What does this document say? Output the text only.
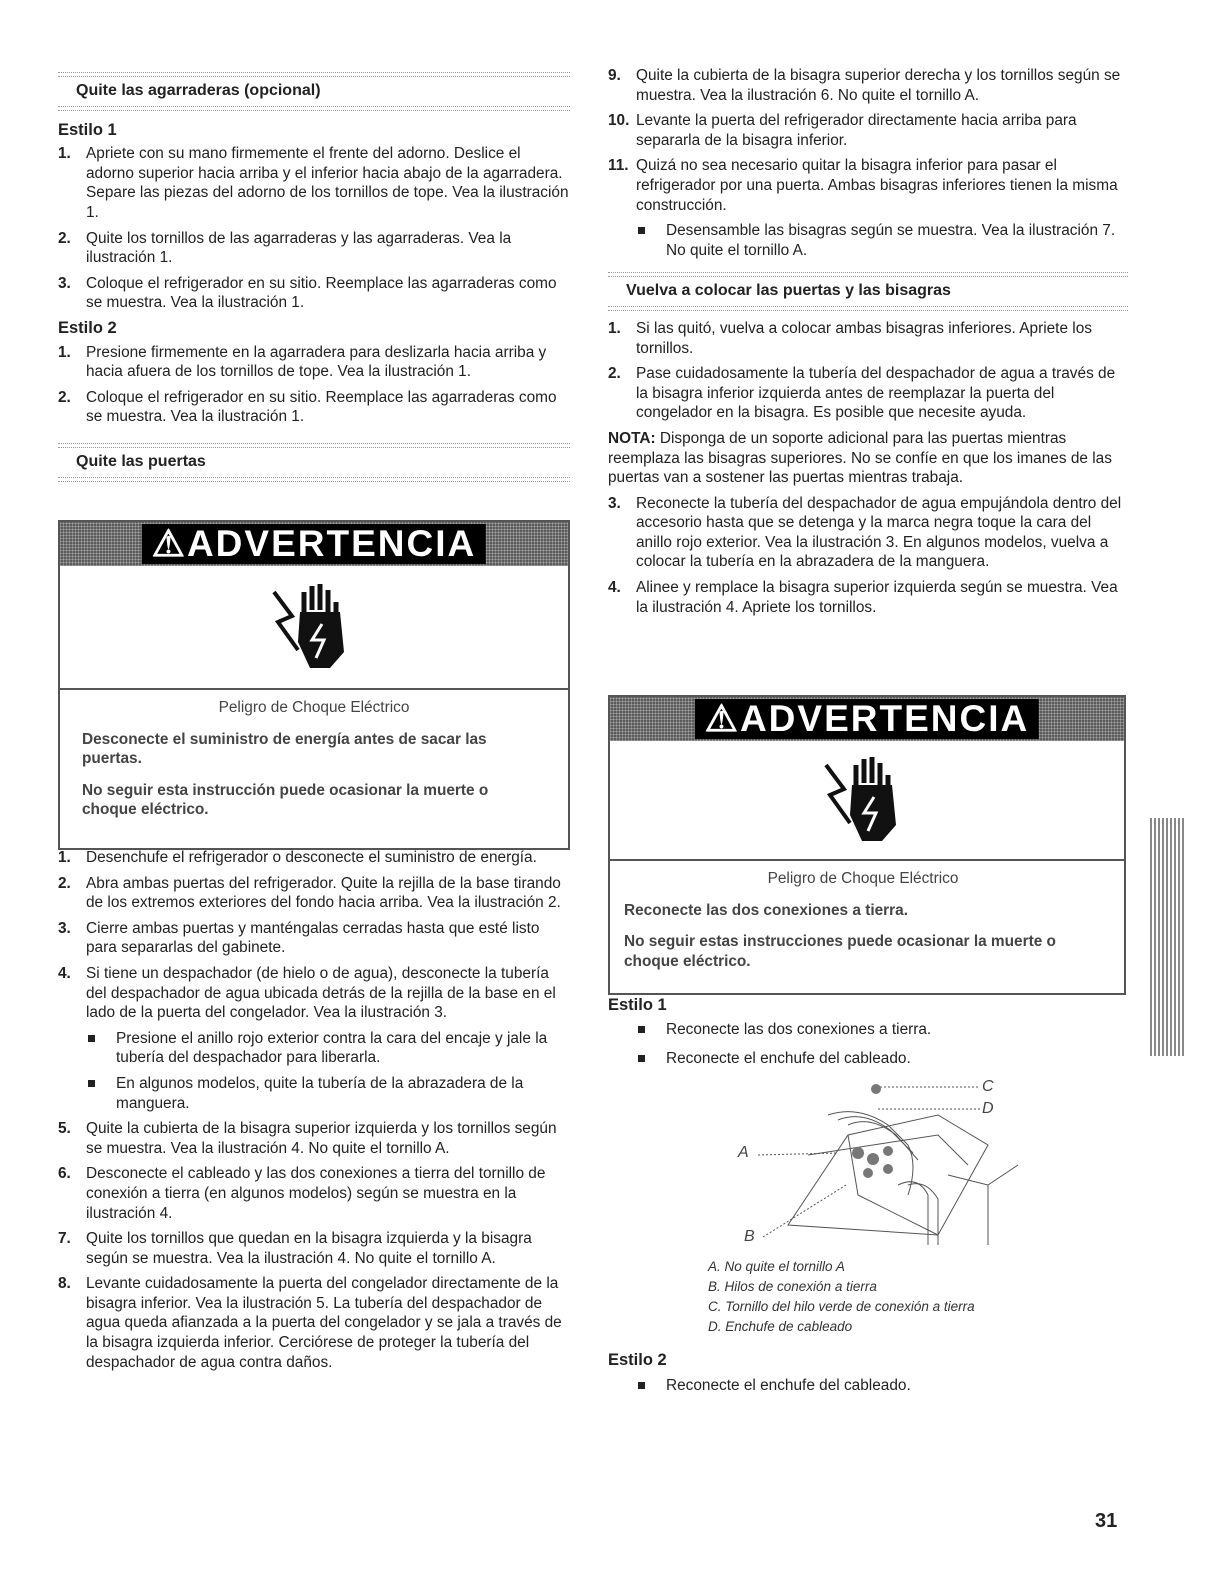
Quite las agarraderas (opcional)
Estilo 1
1. Apriete con su mano firmemente el frente del adorno. Deslice el adorno superior hacia arriba y el inferior hacia abajo de la agarradera. Separe las piezas del adorno de los tornillos de tope. Vea la ilustración 1.
2. Quite los tornillos de las agarraderas y las agarraderas. Vea la ilustración 1.
3. Coloque el refrigerador en su sitio. Reemplace las agarraderas como se muestra. Vea la ilustración 1.
Estilo 2
1. Presione firmemente en la agarradera para deslizarla hacia arriba y hacia afuera de los tornillos de tope. Vea la ilustración 1.
2. Coloque el refrigerador en su sitio. Reemplace las agarraderas como se muestra. Vea la ilustración 1.
Quite las puertas
⚠ADVERTENCIA
Peligro de Choque Eléctrico

Desconecte el suministro de energía antes de sacar las puertas.

No seguir esta instrucción puede ocasionar la muerte o choque eléctrico.

1. Desenchufe el refrigerador o desconecte el suministro de energía.
2. Abra ambas puertas del refrigerador. Quite la rejilla de la base tirando de los extremos exteriores del fondo hacia arriba. Vea la ilustración 2.
3. Cierre ambas puertas y manténgalas cerradas hasta que esté listo para separarlas del gabinete.
4. Si tiene un despachador (de hielo o de agua), desconecte la tubería del despachador de agua ubicada detrás de la rejilla de la base en el lado de la puerta del congelador. Vea la ilustración 3.
Presione el anillo rojo exterior contra la cara del encaje y jale la tubería del despachador para liberarla.
En algunos modelos, quite la tubería de la abrazadera de la manguera.
5. Quite la cubierta de la bisagra superior izquierda y los tornillos según se muestra. Vea la ilustración 4. No quite el tornillo A.
6. Desconecte el cableado y las dos conexiones a tierra del tornillo de conexión a tierra (en algunos modelos) según se muestra en la ilustración 4.
7. Quite los tornillos que quedan en la bisagra izquierda y la bisagra según se muestra. Vea la ilustración 4. No quite el tornillo A.
8. Levante cuidadosamente la puerta del congelador directamente de la bisagra inferior. Vea la ilustración 5. La tubería del despachador de agua queda afianzada a la puerta del congelador y se jala a través de la bisagra izquierda inferior. Cerciórese de proteger la tubería del despachador de agua contra daños.
9. Quite la cubierta de la bisagra superior derecha y los tornillos según se muestra. Vea la ilustración 6. No quite el tornillo A.
10. Levante la puerta del refrigerador directamente hacia arriba para separarla de la bisagra inferior.
11. Quizá no sea necesario quitar la bisagra inferior para pasar el refrigerador por una puerta. Ambas bisagras inferiores tienen la misma construcción.
Desensamble las bisagras según se muestra. Vea la ilustración 7. No quite el tornillo A.
Vuelva a colocar las puertas y las bisagras
1. Si las quitó, vuelva a colocar ambas bisagras inferiores. Apriete los tornillos.
2. Pase cuidadosamente la tubería del despachador de agua a través de la bisagra inferior izquierda antes de reemplazar la puerta del congelador en la bisagra. Es posible que necesite ayuda.
NOTA: Disponga de un soporte adicional para las puertas mientras reemplaza las bisagras superiores. No se confíe en que los imanes de las puertas van a sostener las puertas mientras trabaja.
3. Reconecte la tubería del despachador de agua empujándola dentro del accesorio hasta que se detenga y la marca negra toque la cara del anillo rojo exterior. Vea la ilustración 3. En algunos modelos, vuelva a colocar la tubería en la abrazadera de la manguera.
4. Alinee y remplace la bisagra superior izquierda según se muestra. Vea la ilustración 4. Apriete los tornillos.
⚠ADVERTENCIA
Peligro de Choque Eléctrico

Reconecte las dos conexiones a tierra.

No seguir estas instrucciones puede ocasionar la muerte o choque eléctrico.

Estilo 1
Reconecte las dos conexiones a tierra.
Reconecte el enchufe del cableado.
C
D
A
B
A. No quite el tornillo A
B. Hilos de conexión a tierra
C. Tornillo del hilo verde de conexión a tierra
D. Enchufe de cableado
Estilo 2
Reconecte el enchufe del cableado.
31
